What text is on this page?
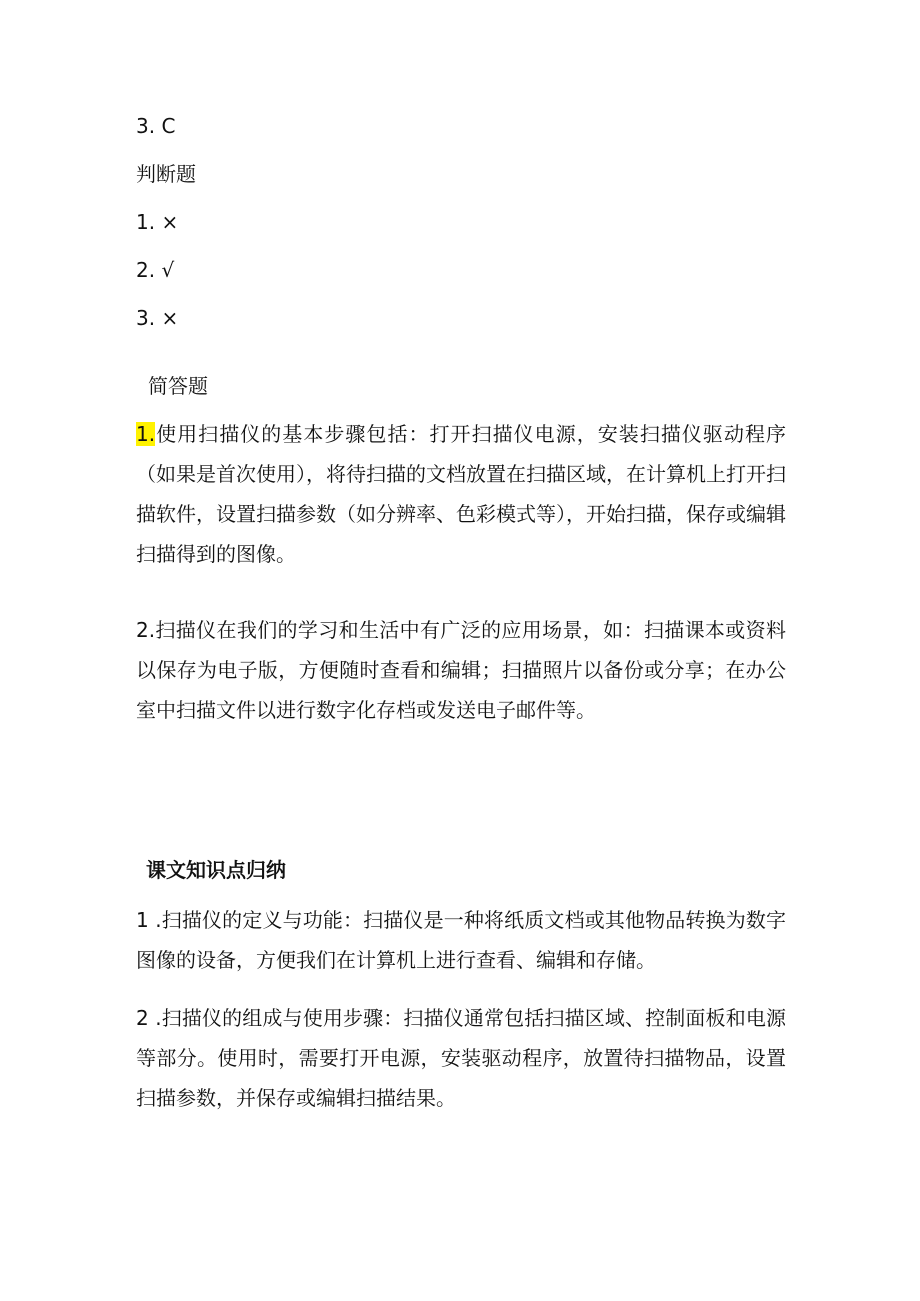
3. C
判断题
1. ×
2. √
3. ×
简答题

1.使用扫描仪的基本步骤包括：打开扫描仪电源，安装扫描仪驱动程序（如果是首次使用），将待扫描的文档放置在扫描区域，在计算机上打开扫描软件，设置扫描参数（如分辨率、色彩模式等），开始扫描，保存或编辑扫描得到的图像。

2.扫描仪在我们的学习和生活中有广泛的应用场景，如：扫描课本或资料以保存为电子版，方便随时查看和编辑；扫描照片以备份或分享；在办公室中扫描文件以进行数字化存档或发送电子邮件等。

课文知识点归纳

1 .扫描仪的定义与功能：扫描仪是一种将纸质文档或其他物品转换为数字图像的设备，方便我们在计算机上进行查看、编辑和存储。

2 .扫描仪的组成与使用步骤：扫描仪通常包括扫描区域、控制面板和电源等部分。使用时，需要打开电源，安装驱动程序，放置待扫描物品，设置扫描参数，并保存或编辑扫描结果。
